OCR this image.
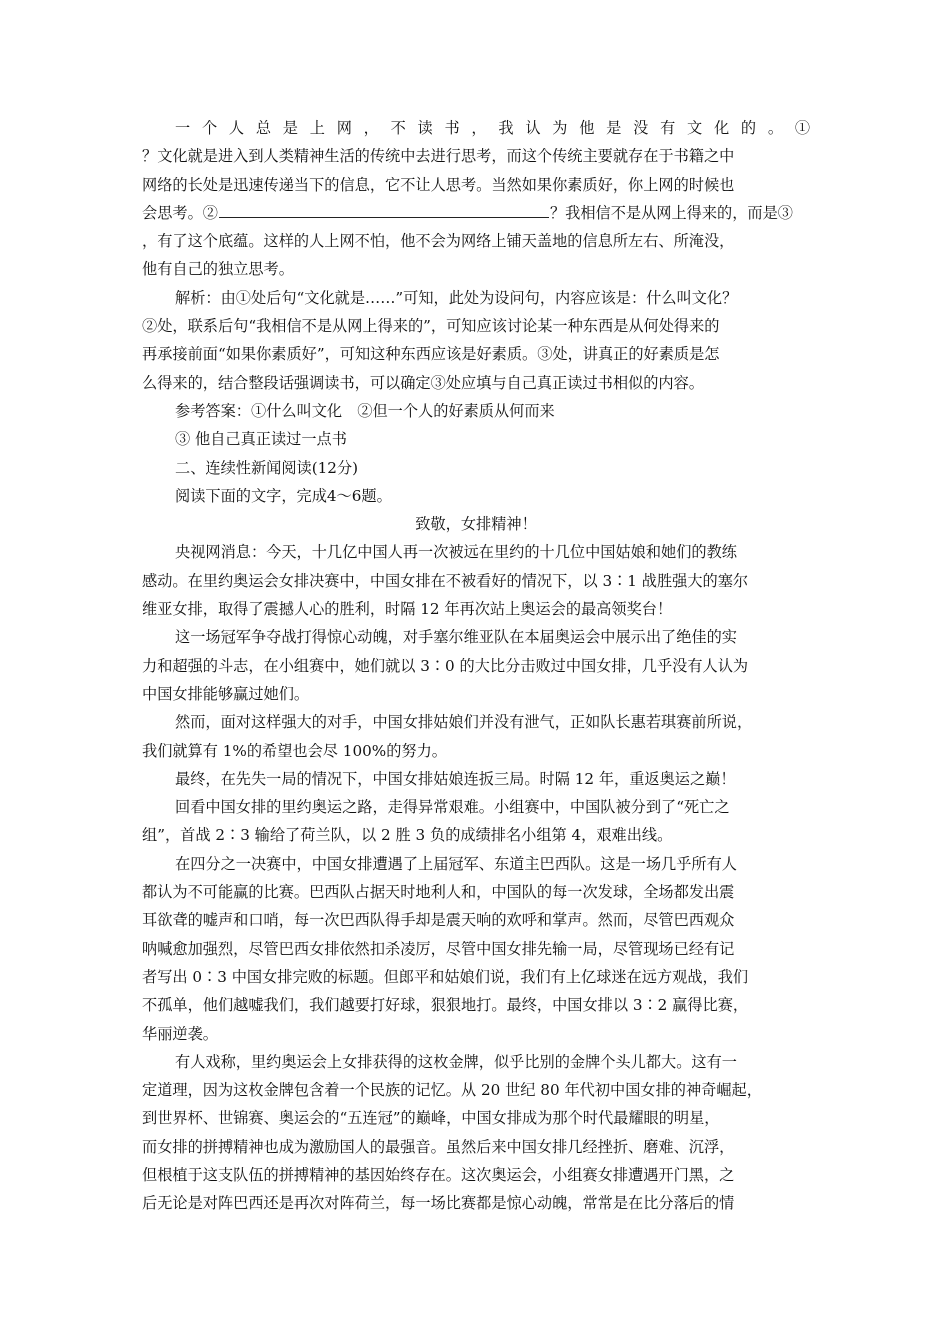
一个人总是上网，不读书，我认为他是没有文化的。①
？文化就是进入到人类精神生活的传统中去进行思考，而这个传统主要就存在于书籍之中
网络的长处是迅速传递当下的信息，它不让人思考。当然如果你素质好，你上网的时候也
会思考。②	？我相信不是从网上得来的，而是③
，有了这个底蕴。这样的人上网不怕，他不会为网络上铺天盖地的信息所左右、所淹没，
他有自己的独立思考。
解析：由①处后句“文化就是……”可知，此处为设问句，内容应该是：什么叫文化？
②处，联系后句“我相信不是从网上得来的”，可知应该讨论某一种东西是从何处得来的
再承接前面“如果你素质好”，可知这种东西应该是好素质。③处，讲真正的好素质是怎
么得来的，结合整段话强调读书，可以确定③处应填与自己真正读过书相似的内容。
参考答案：①什么叫文化　②但一个人的好素质从何而来
③ 他自己真正读过一点书
二、连续性新闻阅读(12分)
阅读下面的文字，完成4～6题。
致敬，女排精神！
央视网消息：今天，十几亿中国人再一次被远在里约的十几位中国姑娘和她们的教练
感动。在里约奥运会女排决赛中，中国女排在不被看好的情况下，以 3∶1 战胜强大的塞尔
维亚女排，取得了震撼人心的胜利，时隔 12 年再次站上奥运会的最高领奖台！
这一场冠军争夺战打得惊心动魄，对手塞尔维亚队在本届奥运会中展示出了绝佳的实
力和超强的斗志，在小组赛中，她们就以 3∶0 的大比分击败过中国女排，几乎没有人认为
中国女排能够赢过她们。
然而，面对这样强大的对手，中国女排姑娘们并没有泄气，正如队长惠若琪赛前所说，
我们就算有 1%的希望也会尽 100%的努力。
最终，在先失一局的情况下，中国女排姑娘连扳三局。时隔 12 年，重返奥运之巅！
回看中国女排的里约奥运之路，走得异常艰难。小组赛中，中国队被分到了“死亡之
组”，首战 2∶3 输给了荷兰队，以 2 胜 3 负的成绩排名小组第 4，艰难出线。
在四分之一决赛中，中国女排遭遇了上届冠军、东道主巴西队。这是一场几乎所有人
都认为不可能赢的比赛。巴西队占据天时地利人和，中国队的每一次发球，全场都发出震
耳欲聋的嘘声和口哨，每一次巴西队得手却是震天响的欢呼和掌声。然而，尽管巴西观众
呐喊愈加强烈，尽管巴西女排依然扣杀凌厉，尽管中国女排先输一局，尽管现场已经有记
者写出 0∶3 中国女排完败的标题。但郎平和姑娘们说，我们有上亿球迷在远方观战，我们
不孤单，他们越嘘我们，我们越要打好球，狠狠地打。最终，中国女排以 3∶2 赢得比赛，
华丽逆袭。
有人戏称，里约奥运会上女排获得的这枚金牌，似乎比别的金牌个头儿都大。这有一
定道理，因为这枚金牌包含着一个民族的记忆。从 20 世纪 80 年代初中国女排的神奇崛起，
到世界杯、世锦赛、奥运会的“五连冠”的巅峰，中国女排成为那个时代最耀眼的明星，
而女排的拼搏精神也成为激励国人的最强音。虽然后来中国女排几经挫折、磨难、沉浮，
但根植于这支队伍的拼搏精神的基因始终存在。这次奥运会，小组赛女排遭遇开门黑，之
后无论是对阵巴西还是再次对阵荷兰，每一场比赛都是惊心动魄，常常是在比分落后的情
